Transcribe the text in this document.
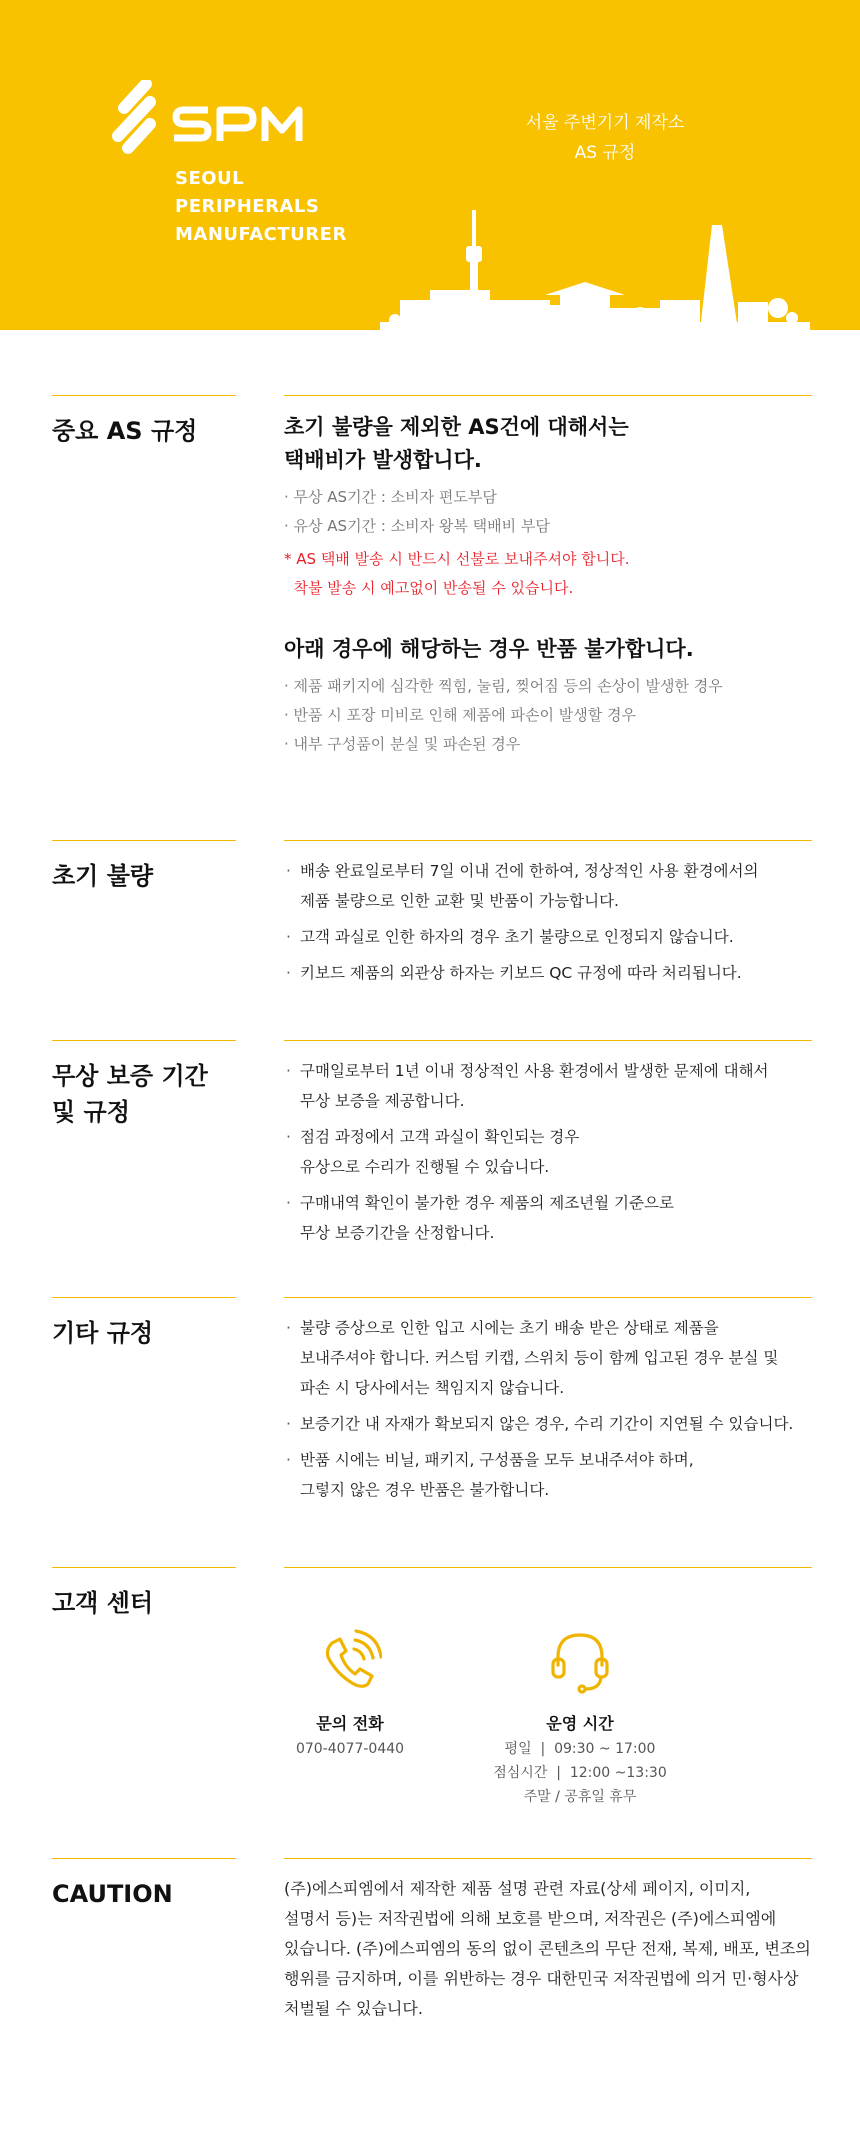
SEOUL
PERIPHERALS
MANUFACTURER
서울 주변기기 제작소
AS 규정
중요 AS 규정	초기 불량을 제외한 AS건에 대해서는
택배비가 발생합니다.
· 무상 AS기간 : 소비자 편도부담
· 유상 AS기간 : 소비자 왕복 택배비 부담
* AS 택배 발송 시 반드시 선불로 보내주셔야 합니다.
착불 발송 시 예고없이 반송될 수 있습니다.
아래 경우에 해당하는 경우 반품 불가합니다.
· 제품 패키지에 심각한 찍힘, 눌림, 찢어짐 등의 손상이 발생한 경우
· 반품 시 포장 미비로 인해 제품에 파손이 발생할 경우
· 내부 구성품이 분실 및 파손된 경우
초기 불량	· 배송 완료일로부터 7일 이내 건에 한하여, 정상적인 사용 환경에서의
제품 불량으로 인한 교환 및 반품이 가능합니다.
· 고객 과실로 인한 하자의 경우 초기 불량으로 인정되지 않습니다.
· 키보드 제품의 외관상 하자는 키보드 QC 규정에 따라 처리됩니다.
무상 보증 기간
및 규정
· 구매일로부터 1년 이내 정상적인 사용 환경에서 발생한 문제에 대해서
무상 보증을 제공합니다.
· 점검 과정에서 고객 과실이 확인되는 경우
유상으로 수리가 진행될 수 있습니다.
· 구매내역 확인이 불가한 경우 제품의 제조년월 기준으로
무상 보증기간을 산정합니다.
기타 규정	· 불량 증상으로 인한 입고 시에는 초기 배송 받은 상태로 제품을
보내주셔야 합니다. 커스텀 키캡, 스위치 등이 함께 입고된 경우 분실 및
파손 시 당사에서는 책임지지 않습니다.
· 보증기간 내 자재가 확보되지 않은 경우, 수리 기간이 지연될 수 있습니다.
· 반품 시에는 비닐, 패키지, 구성품을 모두 보내주셔야 하며,
그렇지 않은 경우 반품은 불가합니다.
고객 센터
문의 전화
070-4077-0440
운영 시간
평일  |  09:30 ~ 17:00
점심시간  |  12:00 ~13:30
주말 / 공휴일 휴무
CAUTION	(주)에스피엠에서 제작한 제품 설명 관련 자료(상세 페이지, 이미지,
설명서 등)는 저작권법에 의해 보호를 받으며, 저작권은 (주)에스피엠에
있습니다. (주)에스피엠의 동의 없이 콘텐츠의 무단 전재, 복제, 배포, 변조의
행위를 금지하며, 이를 위반하는 경우 대한민국 저작권법에 의거 민·형사상
처벌될 수 있습니다.
